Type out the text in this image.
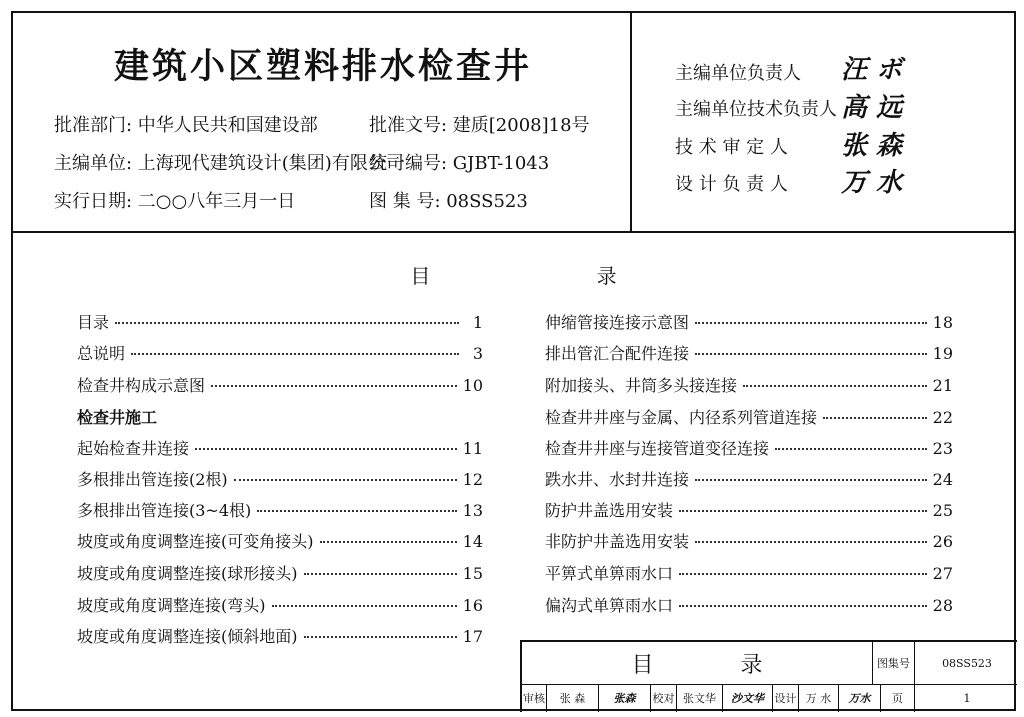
建筑小区塑料排水检查井
批准部门: 中华人民共和国建设部	批准文号: 建质[2008]18号
主编单位: 上海现代建筑设计(集团)有限公司
统一编号: GJBT-1043
实行日期: 二○○八年三月一日	图 集 号: 08SS523
主编单位负责人 汪 ボ
主编单位技术负责人 高 远
技 术 审 定 人 张 森
设 计 负 责 人 万 水
目 录
目录	1
总说明	3
检查井构成示意图	10
检查井施工
起始检查井连接	11
多根排出管连接(2根)	12
多根排出管连接(3~4根)	13
坡度或角度调整连接(可变角接头)	14
坡度或角度调整连接(球形接头)	15
坡度或角度调整连接(弯头)	16
坡度或角度调整连接(倾斜地面)	17
伸缩管接连接示意图	18
排出管汇合配件连接	19
附加接头、井筒多头接连接	21
检查井井座与金属、内径系列管道连接	22
检查井井座与连接管道变径连接	23
跌水井、水封井连接	24
防护井盖选用安装	25
非防护井盖选用安装	26
平箅式单箅雨水口	27
偏沟式单箅雨水口	28
目 录	图集号	08SS523
审核	张 森	张森	校对 张文华	沙文华 设计 万 水	万水	页	1
